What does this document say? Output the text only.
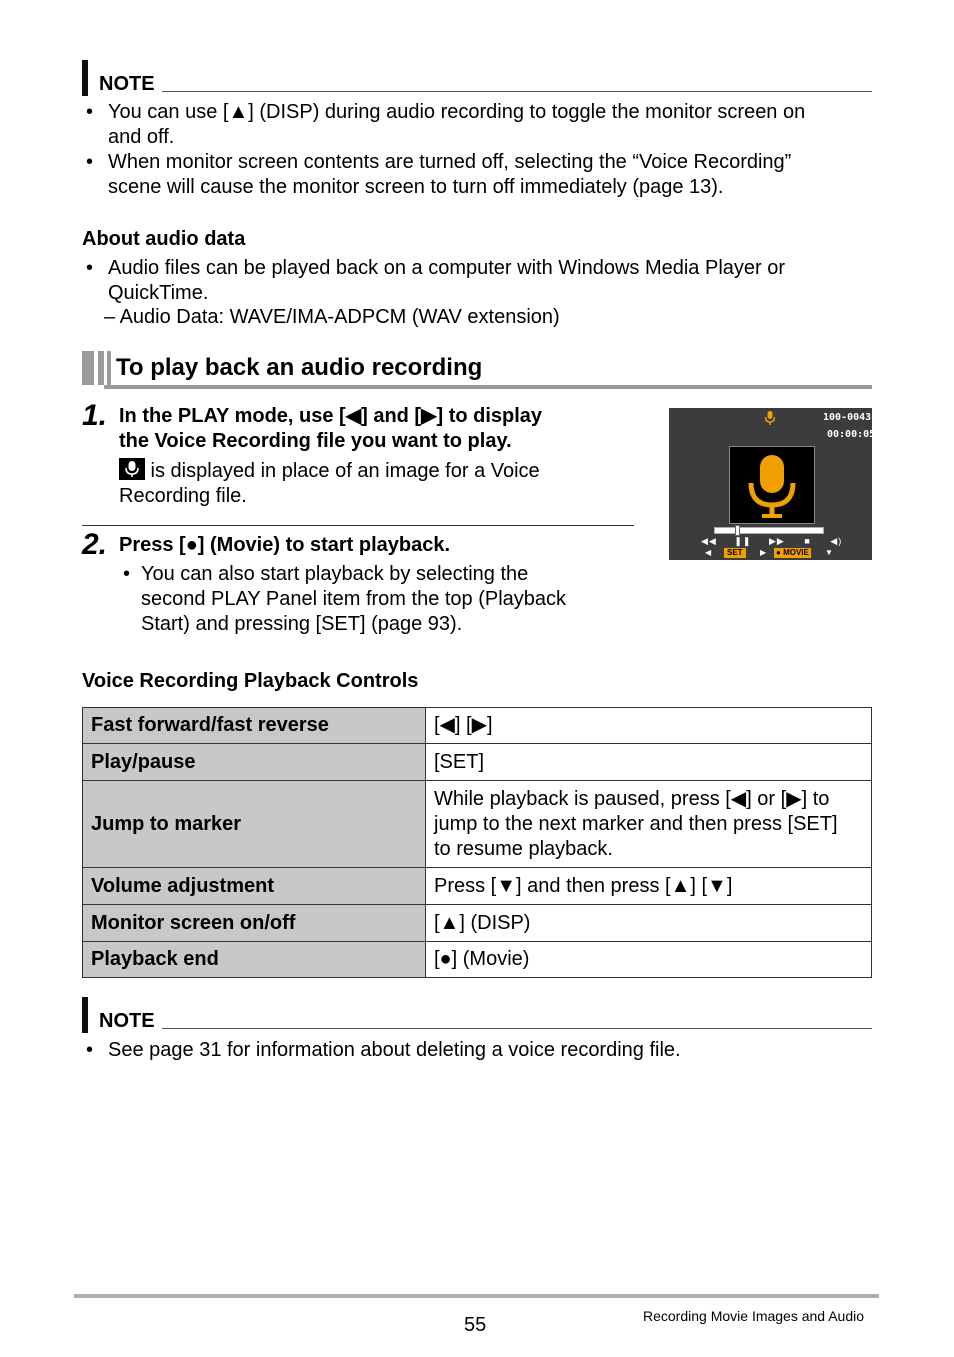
NOTE
• You can use [▲] (DISP) during audio recording to toggle the monitor screen on
and off.
• When monitor screen contents are turned off, selecting the “Voice Recording”
scene will cause the monitor screen to turn off immediately (page 13).
About audio data
• Audio files can be played back on a computer with Windows Media Player or
QuickTime.
– Audio Data: WAVE/IMA-ADPCM (WAV extension)
To play back an audio recording
1. In the PLAY mode, use [◀] and [▶] to display
the Voice Recording file you want to play.
is displayed in place of an image for a Voice
Recording file.
2. Press [●] (Movie) to start playback.
• You can also start playback by selecting the
second PLAY Panel item from the top (Playback
Start) and pressing [SET] (page 93).
100-0043
00:00:05
◀◀ ❚❚ ▶▶ ■ ◀)
◀	SET	▶ ● MOVIE ▼
Voice Recording Playback Controls
Fast forward/fast reverse	[◀] [▶]

Play/pause	[SET]

Jump to marker	While playback is paused, press [◀] or [▶] to
jump to the next marker and then press [SET]
to resume playback.

Volume adjustment	Press [▼] and then press [▲] [▼]

Monitor screen on/off	[▲] (DISP)

Playback end	[●] (Movie)
NOTE
• See page 31 for information about deleting a voice recording file.
55	Recording Movie Images and Audio
